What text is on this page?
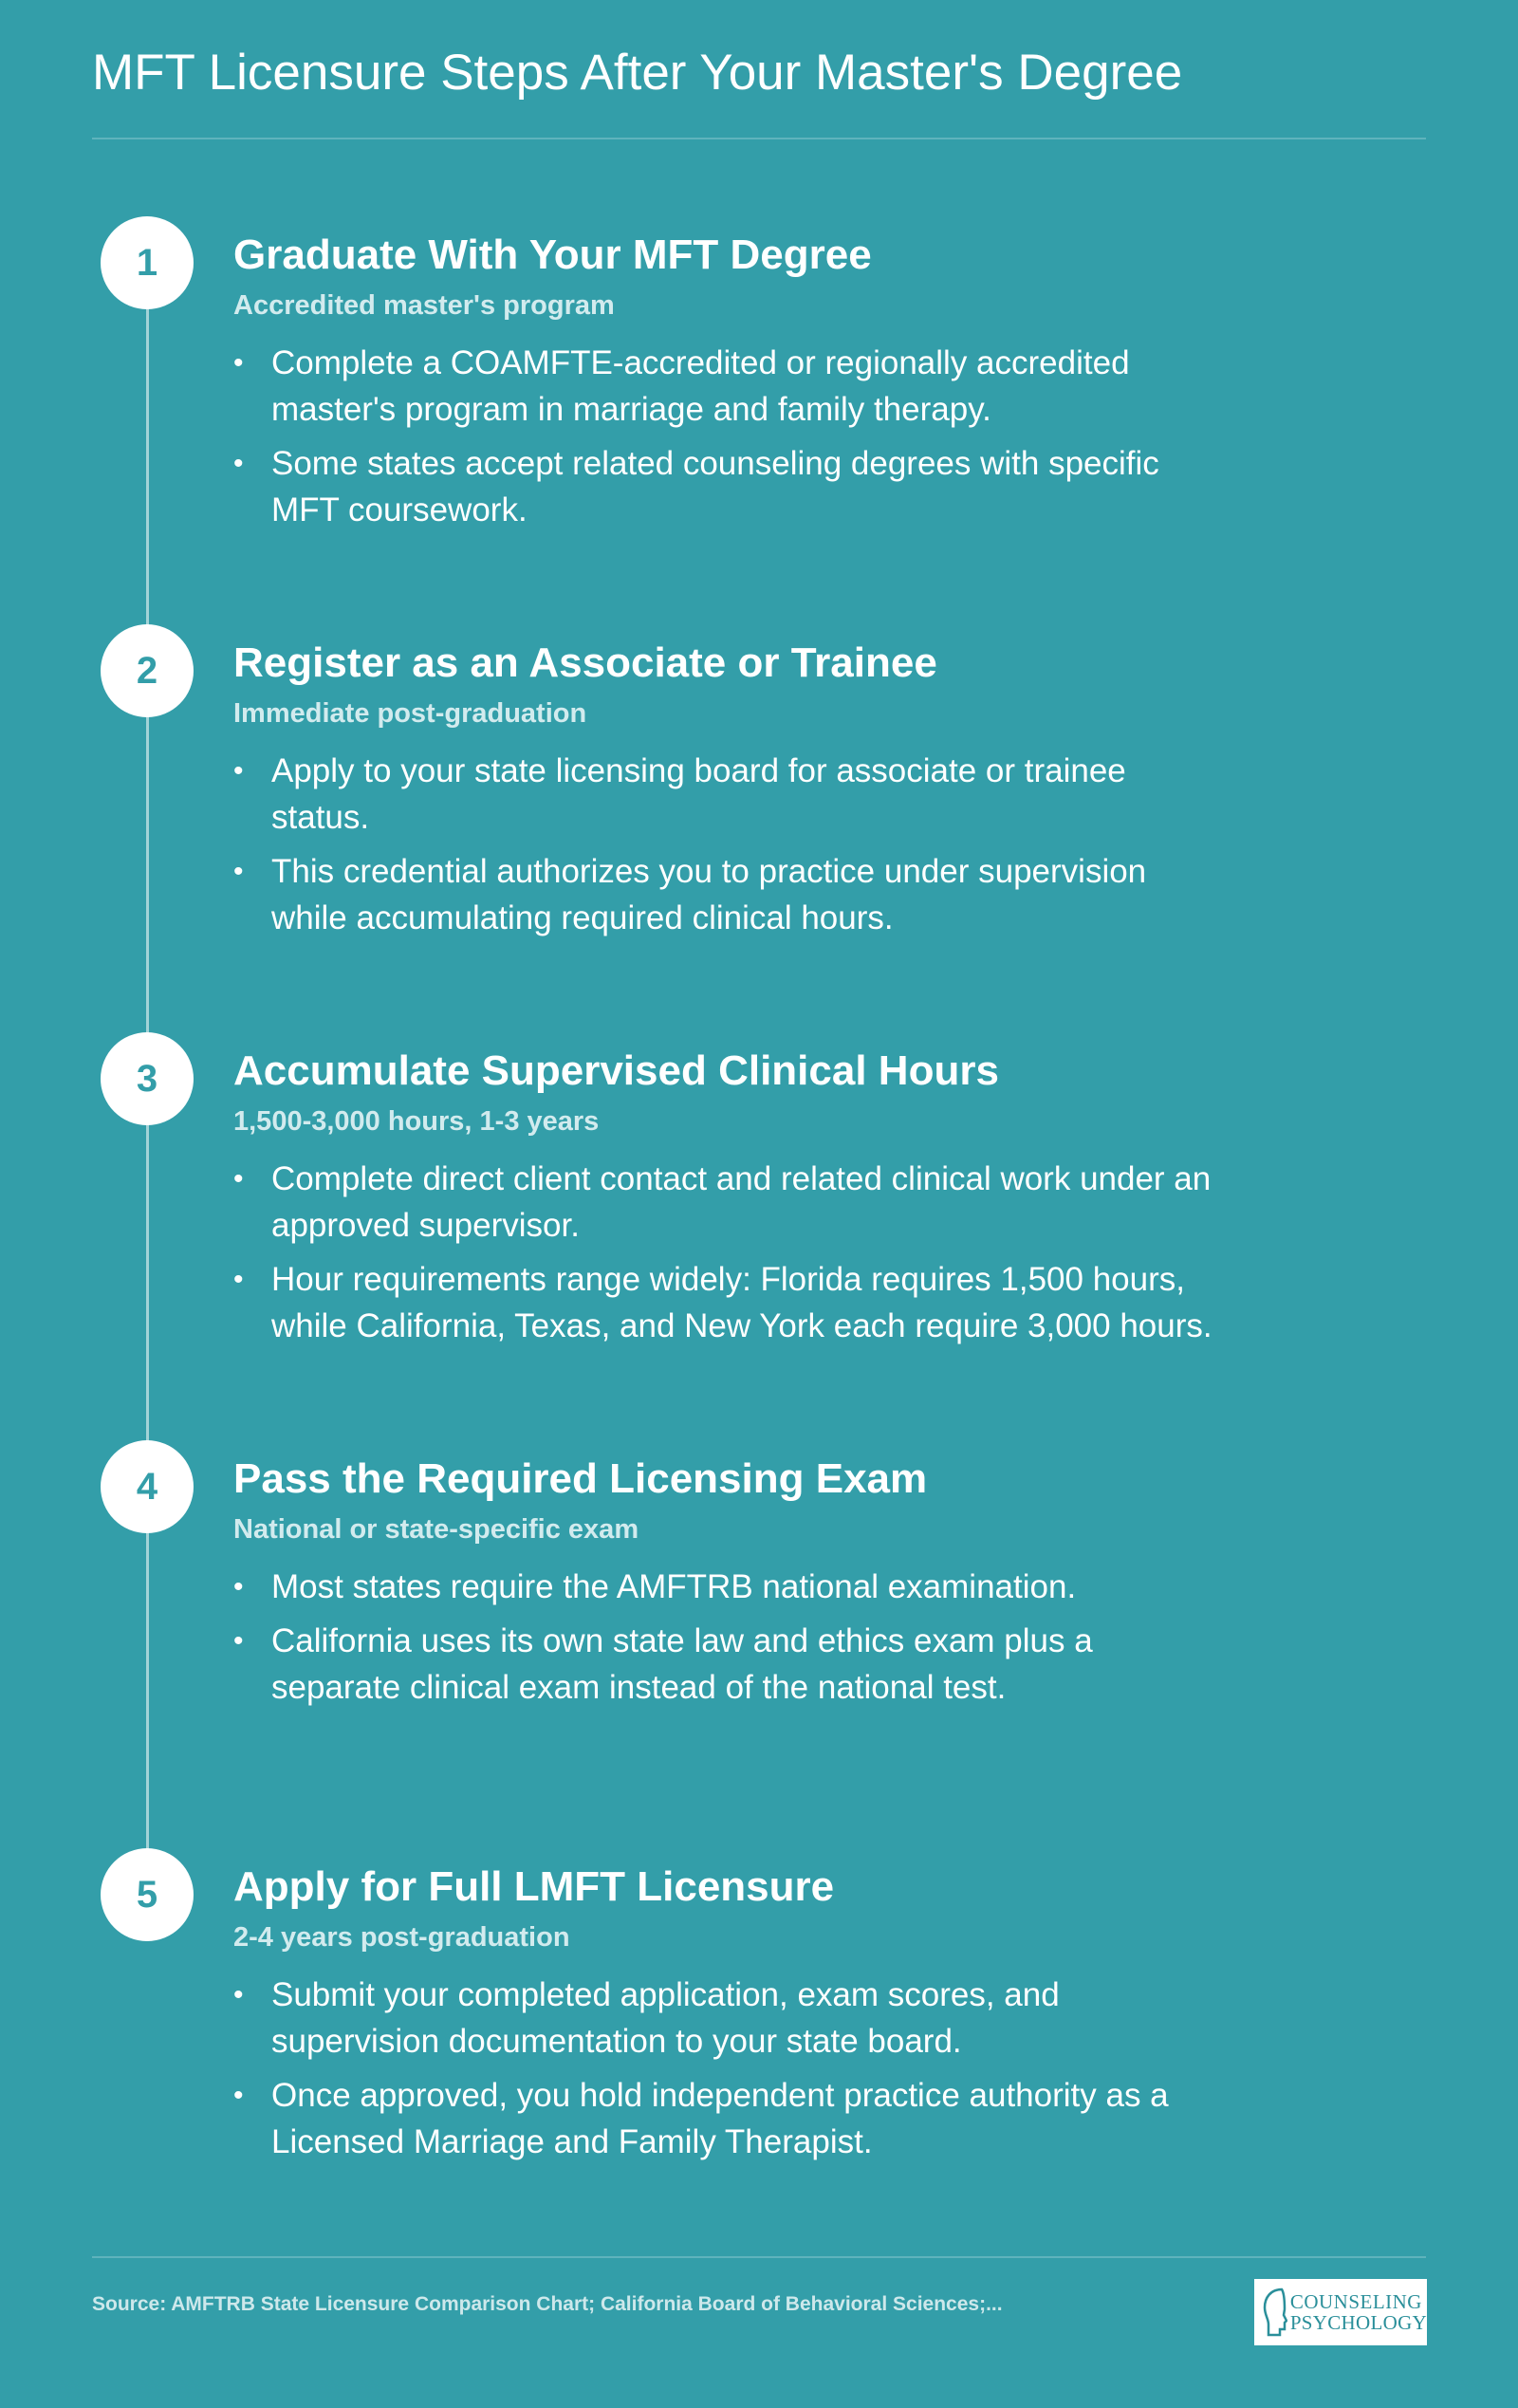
MFT Licensure Steps After Your Master's Degree
1	Graduate With Your MFT Degree
Accredited master's program
• Complete a COAMFTE-accredited or regionally accredited master's program in marriage and family therapy.
• Some states accept related counseling degrees with specific MFT coursework.
2	Register as an Associate or Trainee
Immediate post-graduation
• Apply to your state licensing board for associate or trainee status.
• This credential authorizes you to practice under supervision while accumulating required clinical hours.
3	Accumulate Supervised Clinical Hours
1,500-3,000 hours, 1-3 years
• Complete direct client contact and related clinical work under an approved supervisor.
• Hour requirements range widely: Florida requires 1,500 hours, while California, Texas, and New York each require 3,000 hours.
4	Pass the Required Licensing Exam
National or state-specific exam
• Most states require the AMFTRB national examination.
• California uses its own state law and ethics exam plus a separate clinical exam instead of the national test.
5	Apply for Full LMFT Licensure
2-4 years post-graduation
• Submit your completed application, exam scores, and supervision documentation to your state board.
• Once approved, you hold independent practice authority as a Licensed Marriage and Family Therapist.
Source: AMFTRB State Licensure Comparison Chart; California Board of Behavioral Sciences;...	COUNSELING
PSYCHOLOGY
